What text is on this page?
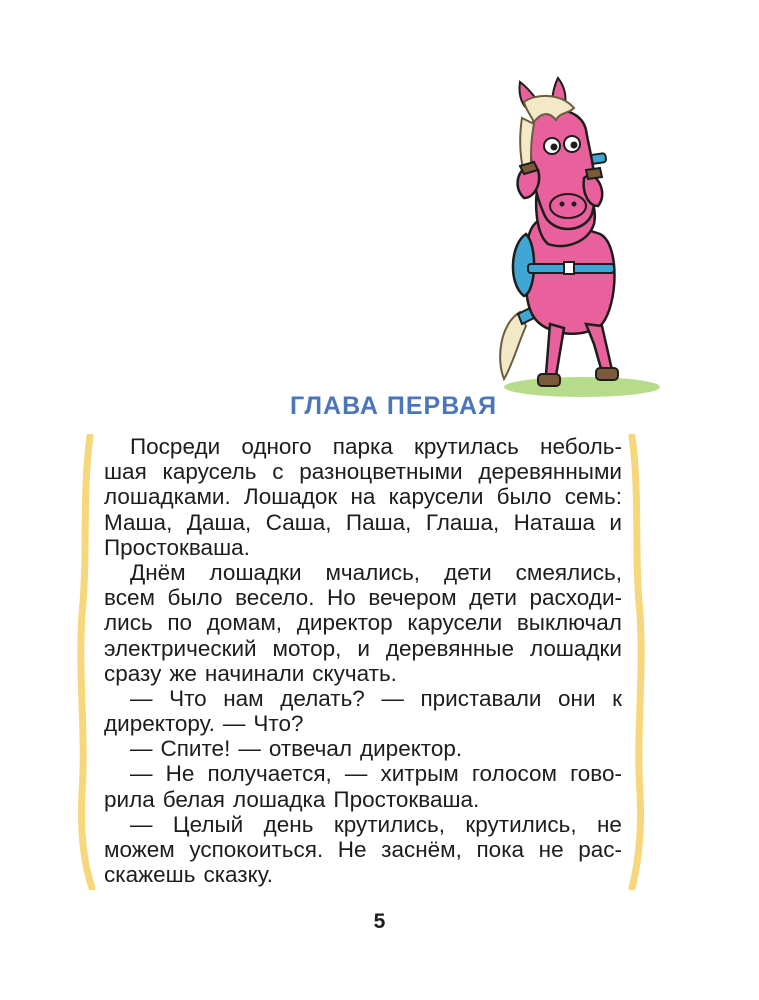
ГЛАВА ПЕРВАЯ
Посреди одного парка крутилась неболь-
шая карусель с разноцветными деревянными
лошадками. Лошадок на карусели было семь:
Маша, Даша, Саша, Паша, Глаша, Наташа и
Простокваша.
Днём лошадки мчались, дети смеялись,
всем было весело. Но вечером дети расходи-
лись по домам, директор карусели выключал
электрический мотор, и деревянные лошадки
сразу же начинали скучать.
— Что нам делать? — приставали они к
директору. — Что?
— Спите! — отвечал директор.
— Не получается, — хитрым голосом гово-
рила белая лошадка Простокваша.
— Целый день крутились, крутились, не
можем успокоиться. Не заснём, пока не рас-
скажешь сказку.
5
